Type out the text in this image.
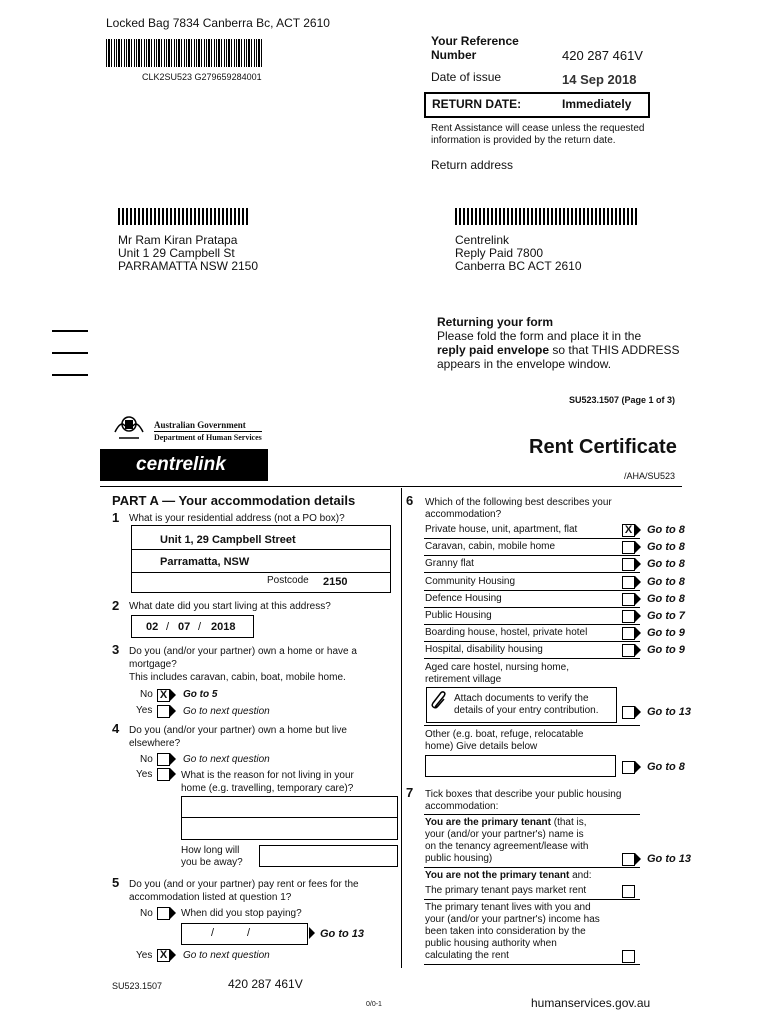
Locked Bag 7834 Canberra Bc, ACT 2610
CLK2SU523 G279659284001
Your Reference Number	420 287 461V
Date of issue	14 Sep 2018
RETURN DATE:	Immediately
Rent Assistance will cease unless the requested information is provided by the return date.
Return address
Mr Ram Kiran Pratapa
Unit 1 29 Campbell St
PARRAMATTA NSW 2150
Centrelink
Reply Paid 7800
Canberra BC ACT 2610
Returning your form
Please fold the form and place it in the
reply paid envelope so that THIS ADDRESS
appears in the envelope window.
SU523.1507 (Page 1 of 3)
Australian Government
Department of Human Services
centrelink
Rent Certificate
/AHA/SU523
PART A — Your accommodation details
1 What is your residential address (not a PO box)?
Unit 1, 29 Campbell Street
Parramatta, NSW
Postcode 2150
2 What date did you start living at this address?
02 / 07 / 2018
3 Do you (and/or your partner) own a home or have a
mortgage?
This includes caravan, cabin, boat, mobile home.
No X Go to 5
Yes	Go to next question
4 Do you (and/or your partner) own a home but live
elsewhere?
No	Go to next question
Yes	What is the reason for not living in your
home (e.g. travelling, temporary care)?
How long will
you be away?
5 Do you (and or your partner) pay rent or fees for the
accommodation listed at question 1?
No	When did you stop paying?
/	/	Go to 13
Yes X Go to next question
6 Which of the following best describes your
accommodation?
Private house, unit, apartment, flat	X Go to 8
Caravan, cabin, mobile home	Go to 8
Granny flat	Go to 8
Community Housing	Go to 8
Defence Housing	Go to 8
Public Housing	Go to 7
Boarding house, hostel, private hotel	Go to 9
Hospital, disability housing	Go to 9
Aged care hostel, nursing home,
retirement village
Attach documents to verify the
details of your entry contribution.	Go to 13
Other (e.g. boat, refuge, relocatable
home) Give details below
Go to 8
7 Tick boxes that describe your public housing
accommodation:
You are the primary tenant (that is,
your (and/or your partner's) name is
on the tenancy agreement/lease with
public housing)	Go to 13
You are not the primary tenant and:
The primary tenant pays market rent
The primary tenant lives with you and
your (and/or your partner's) income has
been taken into consideration by the
public housing authority when
calculating the rent
SU523.1507	420 287 461V
0/0-1	humanservices.gov.au
